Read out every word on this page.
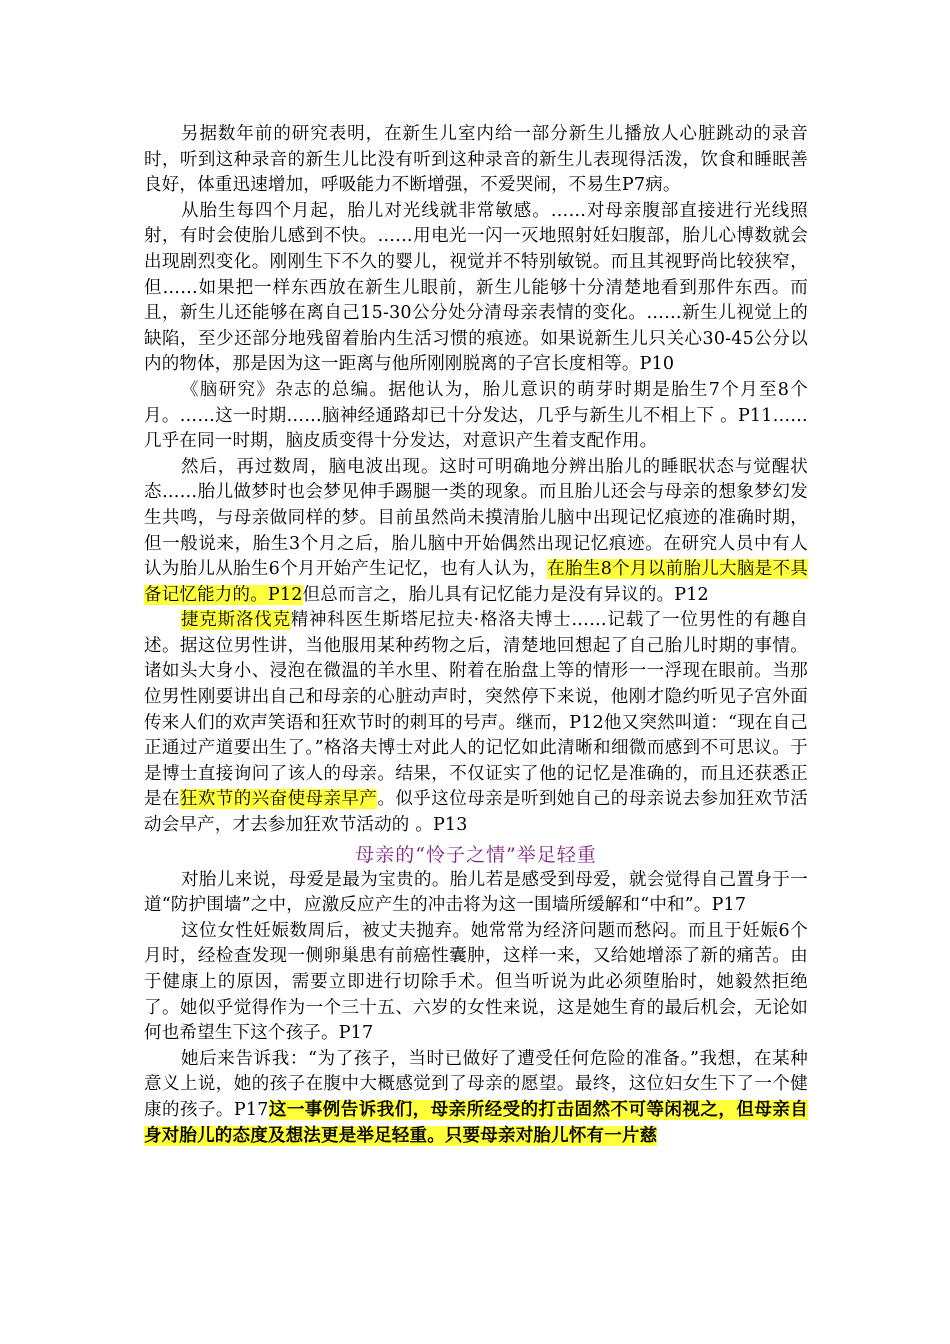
另据数年前的研究表明，在新生儿室内给一部分新生儿播放人心脏跳动的录音时，听到这种录音的新生儿比没有听到这种录音的新生儿表现得活泼，饮食和睡眠善良好，体重迅速增加，呼吸能力不断增强，不爱哭闹，不易生P7病。

从胎生每四个月起，胎儿对光线就非常敏感。……对母亲腹部直接进行光线照射，有时会使胎儿感到不快。……用电光一闪一灭地照射妊妇腹部，胎儿心博数就会出现剧烈变化。刚刚生下不久的婴儿，视觉并不特别敏锐。而且其视野尚比较狭窄，但……如果把一样东西放在新生儿眼前，新生儿能够十分清楚地看到那件东西。而且，新生儿还能够在离自己15-30公分处分清母亲表情的变化。……新生儿视觉上的缺陷，至少还部分地残留着胎内生活习惯的痕迹。如果说新生儿只关心30-45公分以内的物体，那是因为这一距离与他所刚刚脱离的子宫长度相等。P10

《脑研究》杂志的总编。据他认为，胎儿意识的萌芽时期是胎生7个月至8个月。……这一时期……脑神经通路却已十分发达，几乎与新生儿不相上下 。P11……几乎在同一时期，脑皮质变得十分发达，对意识产生着支配作用。

然后，再过数周，脑电波出现。这时可明确地分辨出胎儿的睡眠状态与觉醒状态……胎儿做梦时也会梦见伸手踢腿一类的现象。而且胎儿还会与母亲的想象梦幻发生共鸣，与母亲做同样的梦。目前虽然尚未摸清胎儿脑中出现记忆痕迹的准确时期，但一般说来，胎生3个月之后，胎儿脑中开始偶然出现记忆痕迹。在研究人员中有人认为胎儿从胎生6个月开始产生记忆，也有人认为，在胎生8个月以前胎儿大脑是不具备记忆能力的。P12但总而言之，胎儿具有记忆能力是没有异议的。P12

捷克斯洛伐克精神科医生斯塔尼拉夫·格洛夫博士……记载了一位男性的有趣自述。据这位男性讲，当他服用某种药物之后，清楚地回想起了自己胎儿时期的事情。诸如头大身小、浸泡在微温的羊水里、附着在胎盘上等的情形一一浮现在眼前。当那位男性刚要讲出自己和母亲的心脏动声时，突然停下来说，他刚才隐约听见子宫外面传来人们的欢声笑语和狂欢节时的刺耳的号声。继而，P12他又突然叫道：“现在自己正通过产道要出生了。”格洛夫博士对此人的记忆如此清晰和细微而感到不可思议。于是博士直接询问了该人的母亲。结果，不仅证实了他的记忆是准确的，而且还获悉正是在狂欢节的兴奋使母亲早产。似乎这位母亲是听到她自己的母亲说去参加狂欢节活动会早产，才去参加狂欢节活动的 。P13

母亲的“怜子之情”举足轻重

对胎儿来说，母爱是最为宝贵的。胎儿若是感受到母爱，就会觉得自己置身于一道“防护围墙”之中，应激反应产生的冲击将为这一围墙所缓解和“中和”。P17

这位女性妊娠数周后，被丈夫抛弃。她常常为经济问题而愁闷。而且于妊娠6个月时，经检查发现一侧卵巢患有前癌性囊肿，这样一来，又给她增添了新的痛苦。由于健康上的原因，需要立即进行切除手术。但当听说为此必须堕胎时，她毅然拒绝了。她似乎觉得作为一个三十五、六岁的女性来说，这是她生育的最后机会，无论如何也希望生下这个孩子。P17

她后来告诉我：“为了孩子，当时已做好了遭受任何危险的准备。”我想，在某种意义上说，她的孩子在腹中大概感觉到了母亲的愿望。最终，这位妇女生下了一个健康的孩子。P17这一事例告诉我们，母亲所经受的打击固然不可等闲视之，但母亲自身对胎儿的态度及想法更是举足轻重。只要母亲对胎儿怀有一片慈
